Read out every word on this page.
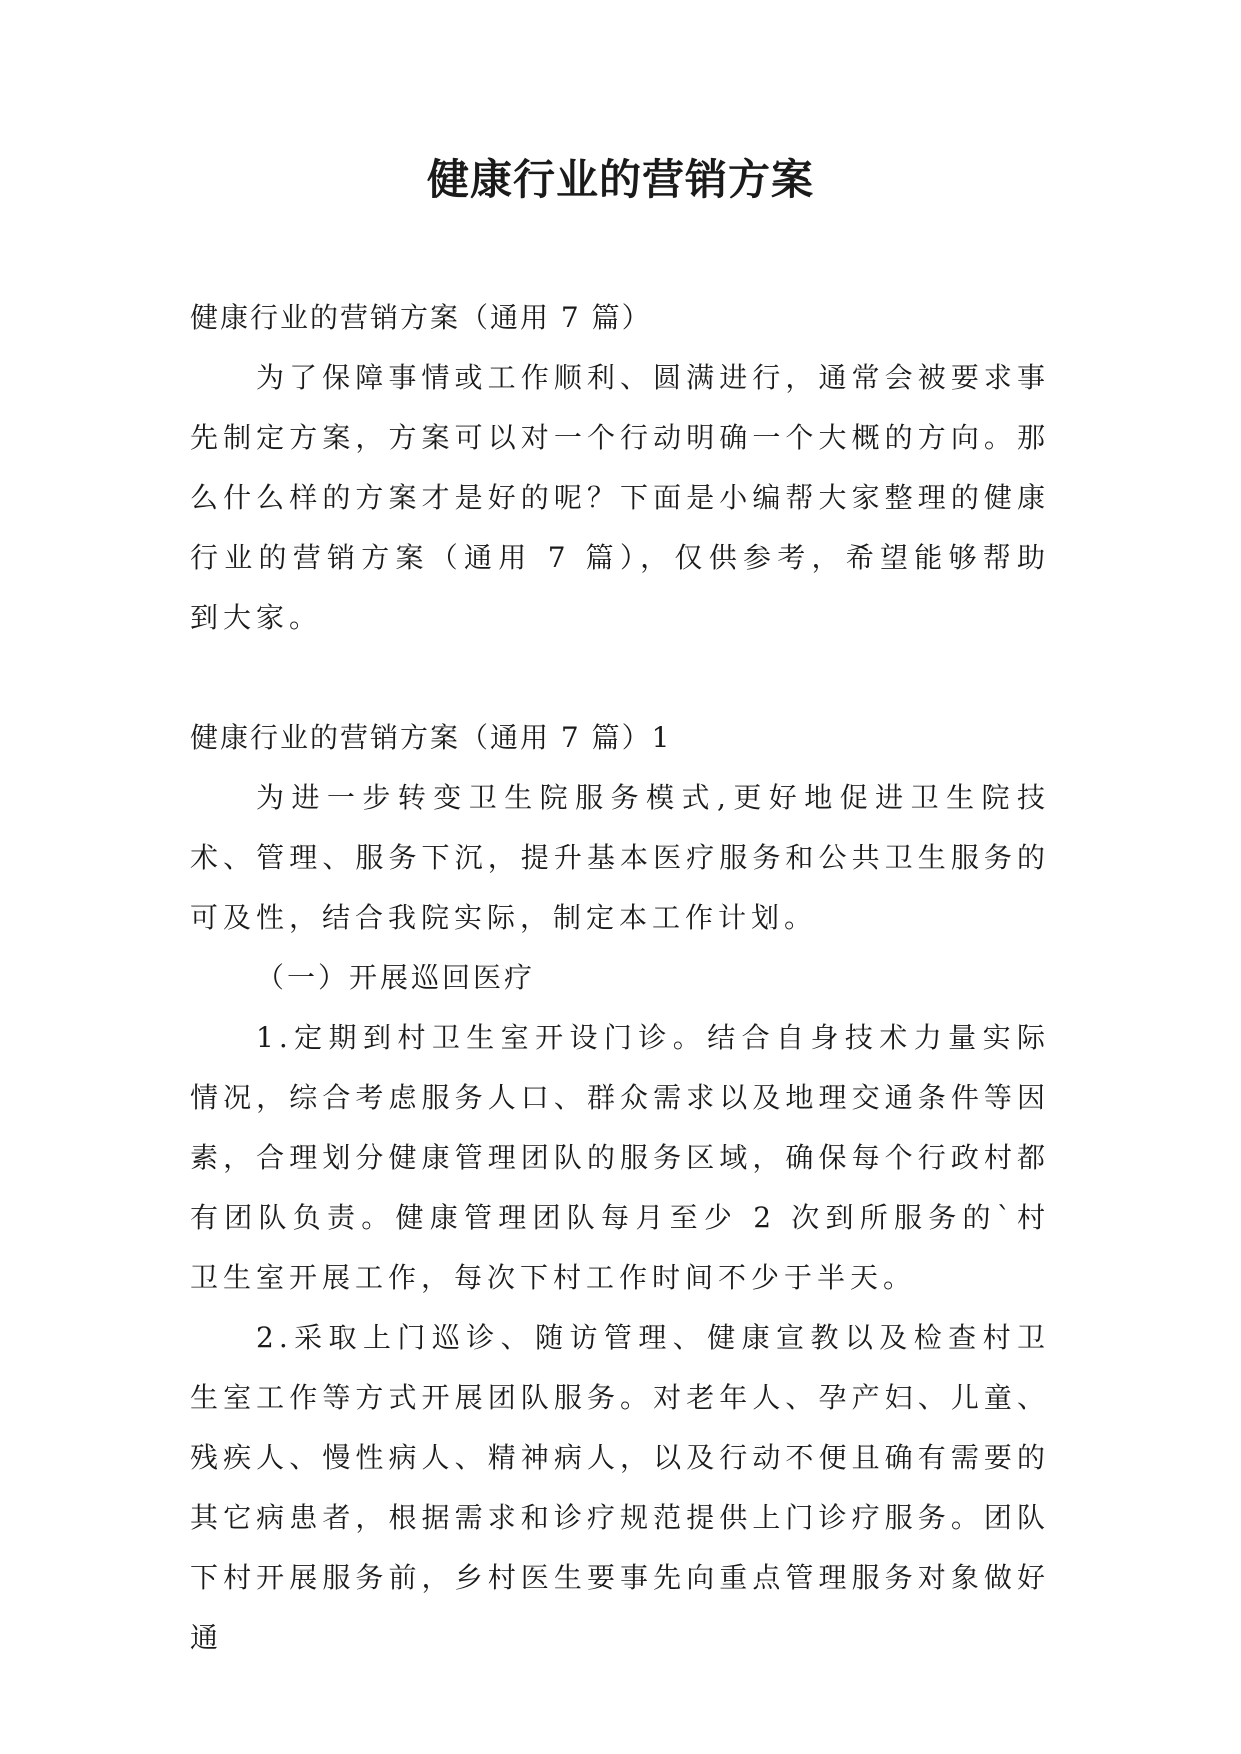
健康行业的营销方案

健康行业的营销方案（通用 7 篇）

为了保障事情或工作顺利、圆满进行，通常会被要求事先制定方案，方案可以对一个行动明确一个大概的方向。那么什么样的方案才是好的呢？下面是小编帮大家整理的健康行业的营销方案（通用 7 篇），仅供参考，希望能够帮助到大家。

健康行业的营销方案（通用 7 篇）1

为进一步转变卫生院服务模式,更好地促进卫生院技术、管理、服务下沉，提升基本医疗服务和公共卫生服务的可及性，结合我院实际，制定本工作计划。

（一）开展巡回医疗

1.定期到村卫生室开设门诊。结合自身技术力量实际情况，综合考虑服务人口、群众需求以及地理交通条件等因素，合理划分健康管理团队的服务区域，确保每个行政村都有团队负责。健康管理团队每月至少 2 次到所服务的`村卫生室开展工作，每次下村工作时间不少于半天。

2.采取上门巡诊、随访管理、健康宣教以及检查村卫生室工作等方式开展团队服务。对老年人、孕产妇、儿童、残疾人、慢性病人、精神病人，以及行动不便且确有需要的其它病患者，根据需求和诊疗规范提供上门诊疗服务。团队下村开展服务前，乡村医生要事先向重点管理服务对象做好通
